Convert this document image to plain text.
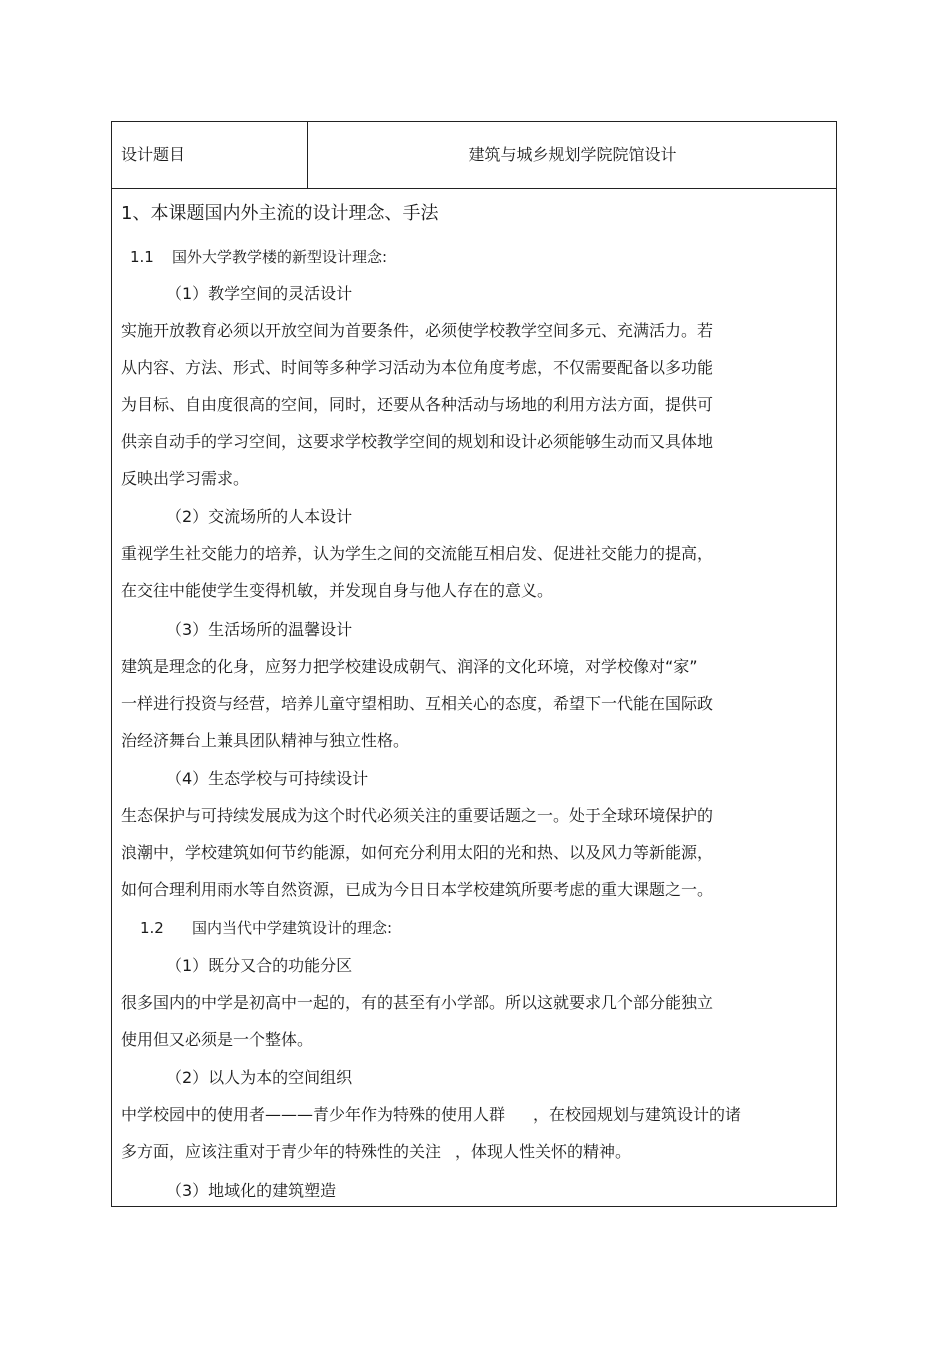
设计题目	建筑与城乡规划学院院馆设计
1、本课题国内外主流的设计理念、手法
1.1 国外大学教学楼的新型设计理念:
（1）教学空间的灵活设计
实施开放教育必须以开放空间为首要条件，必须使学校教学空间多元、充满活力。若
从内容、方法、形式、时间等多种学习活动为本位角度考虑，不仅需要配备以多功能
为目标、自由度很高的空间，同时，还要从各种活动与场地的利用方法方面，提供可
供亲自动手的学习空间，这要求学校教学空间的规划和设计必须能够生动而又具体地
反映出学习需求。
（2）交流场所的人本设计
重视学生社交能力的培养，认为学生之间的交流能互相启发、促进社交能力的提高，
在交往中能使学生变得机敏，并发现自身与他人存在的意义。
（3）生活场所的温馨设计
建筑是理念的化身，应努力把学校建设成朝气、润泽的文化环境，对学校像对“家”
一样进行投资与经营，培养儿童守望相助、互相关心的态度，希望下一代能在国际政
治经济舞台上兼具团队精神与独立性格。
（4）生态学校与可持续设计
生态保护与可持续发展成为这个时代必须关注的重要话题之一。处于全球环境保护的
浪潮中，学校建筑如何节约能源，如何充分利用太阳的光和热、以及风力等新能源，
如何合理利用雨水等自然资源，已成为今日日本学校建筑所要考虑的重大课题之一。
1.2 国内当代中学建筑设计的理念:
（1）既分又合的功能分区
很多国内的中学是初高中一起的，有的甚至有小学部。所以这就要求几个部分能独立
使用但又必须是一个整体。
（2）以人为本的空间组织
中学校园中的使用者———青少年作为特殊的使用人群 ，在校园规划与建筑设计的诸
多方面，应该注重对于青少年的特殊性的关注 ，体现人性关怀的精神。
（3）地域化的建筑塑造
